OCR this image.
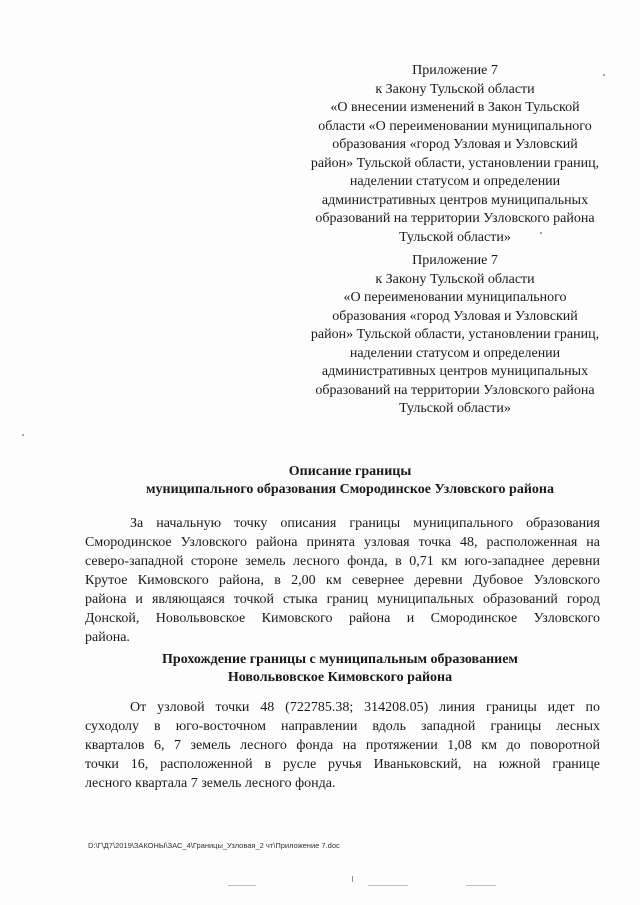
Приложение 7
к Закону Тульской области
«О внесении изменений в Закон Тульской
области «О переименовании муниципального
образования «город Узловая и Узловский
район» Тульской области, установлении границ,
наделении статусом и определении
административных центров муниципальных
образований на территории Узловского района
Тульской области»
Приложение 7
к Закону Тульской области
«О переименовании муниципального
образования «город Узловая и Узловский
район» Тульской области, установлении границ,
наделении статусом и определении
административных центров муниципальных
образований на территории Узловского района
Тульской области»
Описание границы
муниципального образования Смородинское Узловского района
За начальную точку описания границы муниципального образования
Смородинское Узловского района принята узловая точка 48, расположенная на
северо-западной стороне земель лесного фонда, в 0,71 км юго-западнее деревни
Крутое Кимовского района, в 2,00 км севернее деревни Дубовое Узловского
района и являющаяся точкой стыка границ муниципальных образований город
Донской, Новольвовское Кимовского района и Смородинское Узловского
района.
Прохождение границы с муниципальным образованием
Новольвовское Кимовского района
От узловой точки 48 (722785.38; 314208.05) линия границы идет по
суходолу в юго-восточном направлении вдоль западной границы лесных
кварталов 6, 7 земель лесного фонда на протяжении 1,08 км до поворотной
точки 16, расположенной в русле ручья Иваньковский, на южной границе
лесного квартала 7 земель лесного фонда.
D:\Г\Д7\2019\ЗАКОНЫ\ЗАС_4\Границы_Узловая_2 чт\Приложение 7.doc
